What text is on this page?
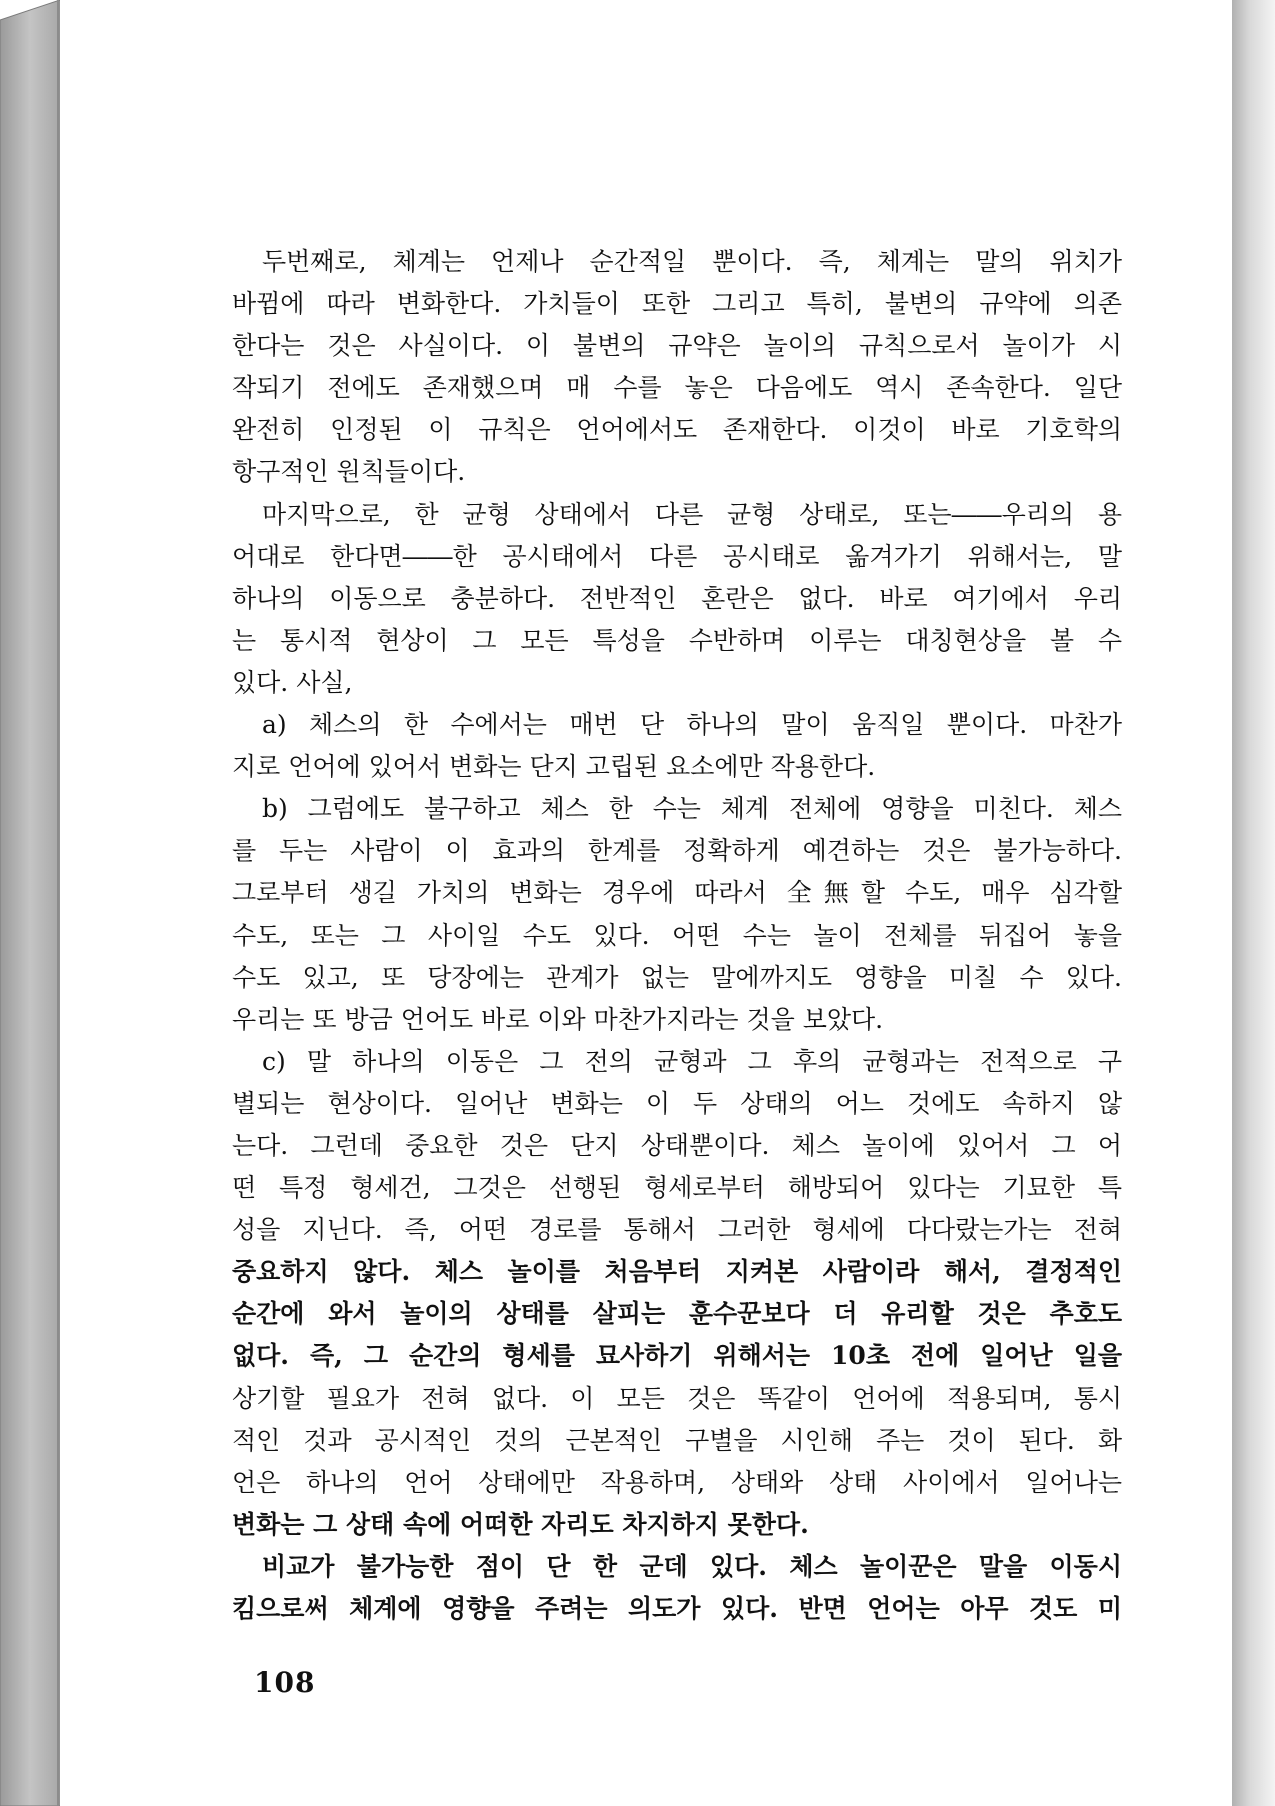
두번째로, 체계는 언제나 순간적일 뿐이다. 즉, 체계는 말의 위치가
바뀜에 따라 변화한다. 가치들이 또한 그리고 특히, 불변의 규약에 의존
한다는 것은 사실이다. 이 불변의 규약은 놀이의 규칙으로서 놀이가 시
작되기 전에도 존재했으며 매 수를 놓은 다음에도 역시 존속한다. 일단
완전히 인정된 이 규칙은 언어에서도 존재한다. 이것이 바로 기호학의
항구적인 원칙들이다.
마지막으로, 한 균형 상태에서 다른 균형 상태로, 또는――우리의 용
어대로 한다면――한 공시태에서 다른 공시태로 옮겨가기 위해서는, 말
하나의 이동으로 충분하다. 전반적인 혼란은 없다. 바로 여기에서 우리
는 통시적 현상이 그 모든 특성을 수반하며 이루는 대칭현상을 볼 수
있다. 사실,
a) 체스의 한 수에서는 매번 단 하나의 말이 움직일 뿐이다. 마찬가
지로 언어에 있어서 변화는 단지 고립된 요소에만 작용한다.
b) 그럼에도 불구하고 체스 한 수는 체계 전체에 영향을 미친다. 체스
를 두는 사람이 이 효과의 한계를 정확하게 예견하는 것은 불가능하다.
그로부터 생길 가치의 변화는 경우에 따라서 全無할 수도, 매우 심각할
수도, 또는 그 사이일 수도 있다. 어떤 수는 놀이 전체를 뒤집어 놓을
수도 있고, 또 당장에는 관계가 없는 말에까지도 영향을 미칠 수 있다.
우리는 또 방금 언어도 바로 이와 마찬가지라는 것을 보았다.
c) 말 하나의 이동은 그 전의 균형과 그 후의 균형과는 전적으로 구
별되는 현상이다. 일어난 변화는 이 두 상태의 어느 것에도 속하지 않
는다. 그런데 중요한 것은 단지 상태뿐이다. 체스 놀이에 있어서 그 어
떤 특정 형세건, 그것은 선행된 형세로부터 해방되어 있다는 기묘한 특
성을 지닌다. 즉, 어떤 경로를 통해서 그러한 형세에 다다랐는가는 전혀
중요하지 않다. 체스 놀이를 처음부터 지켜본 사람이라 해서, 결정적인
순간에 와서 놀이의 상태를 살피는 훈수꾼보다 더 유리할 것은 추호도
없다. 즉, 그 순간의 형세를 묘사하기 위해서는 10초 전에 일어난 일을
상기할 필요가 전혀 없다. 이 모든 것은 똑같이 언어에 적용되며, 통시
적인 것과 공시적인 것의 근본적인 구별을 시인해 주는 것이 된다. 화
언은 하나의 언어 상태에만 작용하며, 상태와 상태 사이에서 일어나는
변화는 그 상태 속에 어떠한 자리도 차지하지 못한다.
비교가 불가능한 점이 단 한 군데 있다. 체스 놀이꾼은 말을 이동시
킴으로써 체계에 영향을 주려는 의도가 있다. 반면 언어는 아무 것도 미
108
